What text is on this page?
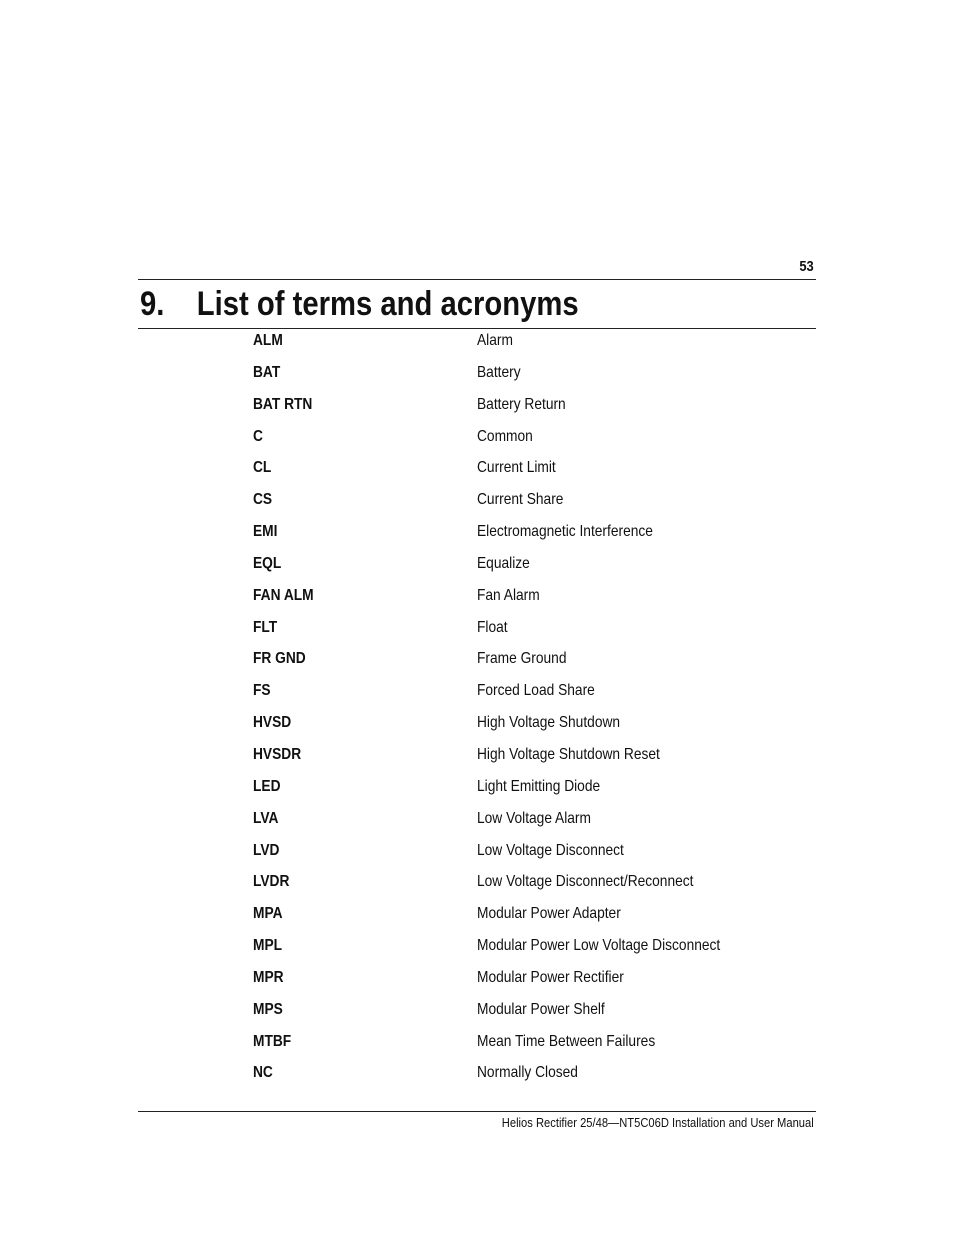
53
9. List of terms and acronyms
ALM	Alarm
BAT	Battery
BAT RTN	Battery Return
C	Common
CL	Current Limit
CS	Current Share
EMI	Electromagnetic Interference
EQL	Equalize
FAN ALM	Fan Alarm
FLT	Float
FR GND	Frame Ground
FS	Forced Load Share
HVSD	High Voltage Shutdown
HVSDR	High Voltage Shutdown Reset
LED	Light Emitting Diode
LVA	Low Voltage Alarm
LVD	Low Voltage Disconnect
LVDR	Low Voltage Disconnect/Reconnect
MPA	Modular Power Adapter
MPL	Modular Power Low Voltage Disconnect
MPR	Modular Power Rectifier
MPS	Modular Power Shelf
MTBF	Mean Time Between Failures
NC	Normally Closed
Helios Rectifier 25/48—NT5C06D Installation and User Manual
